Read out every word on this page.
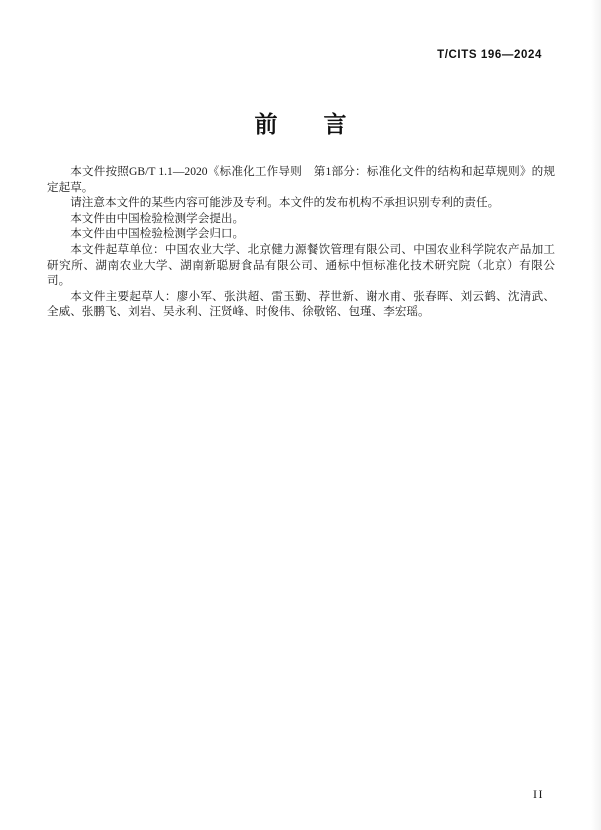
T/CITS 196—2024
前　　言

本文件按照GB/T 1.1—2020《标准化工作导则　第1部分：标准化文件的结构和起草规则》的规定起草。

请注意本文件的某些内容可能涉及专利。本文件的发布机构不承担识别专利的责任。

本文件由中国检验检测学会提出。

本文件由中国检验检测学会归口。

本文件起草单位：中国农业大学、北京健力源餐饮管理有限公司、中国农业科学院农产品加工研究所、湖南农业大学、湖南新聪厨食品有限公司、通标中恒标准化技术研究院（北京）有限公司。

本文件主要起草人：廖小军、张洪超、雷玉勤、荐世新、谢水甫、张春晖、刘云鹤、沈清武、全威、张鹏飞、刘岩、吴永利、汪贤峰、时俊伟、徐敬铭、包瑾、李宏瑶。

II
